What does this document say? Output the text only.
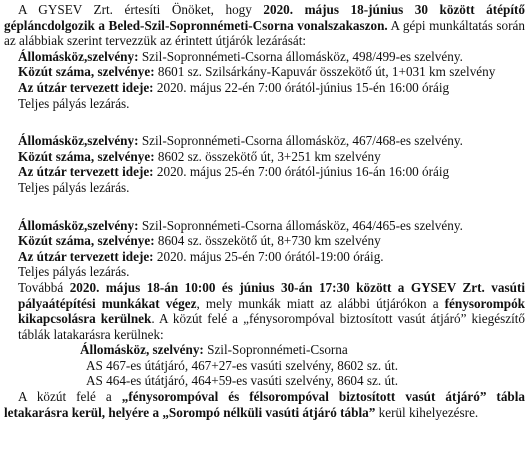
A GYSEV Zrt. értesíti Önöket, hogy 2020. május 18-június 30 között átépítő gépláncdolgozik a Beled-Szil-Sopronnémeti-Csorna vonalszakaszon. A gépi munkáltatás során az alábbiak szerint tervezzük az érintett útjárók lezárását:

Állomásköz,szelvény: Szil-Sopronnémeti-Csorna állomásköz, 498/499-es szelvény.

Közút száma, szelvénye: 8601 sz. Szilsárkány-Kapuvár összekötő út, 1+031 km szelvény

Az útzár tervezett ideje: 2020. május 22-én 7:00 órától-június 15-én 16:00 óráig

Teljes pályás lezárás.

Állomásköz,szelvény: Szil-Sopronnémeti-Csorna állomásköz, 467/468-es szelvény.

Közút száma, szelvénye: 8602 sz. összekötő út, 3+251 km szelvény

Az útzár tervezett ideje: 2020. május 25-én 7:00 órától-június 16-án 16:00 óráig

Teljes pályás lezárás.

Állomásköz,szelvény: Szil-Sopronnémeti-Csorna állomásköz, 464/465-es szelvény.

Közút száma, szelvénye: 8604 sz. összekötő út, 8+730 km szelvény

Az útzár tervezett ideje: 2020. május 25-én 7:00 órától-19:00 óráig.

Teljes pályás lezárás.

Továbbá 2020. május 18-án 10:00 és június 30-án 17:30 között a GYSEV Zrt. vasúti pályaátépítési munkákat végez, mely munkák miatt az alábbi útjárókon a fénysorompók kikapcsolásra kerülnek. A közút felé a „fénysorompóval biztosított vasút átjáró” kiegészítő táblák latakarásra kerülnek:

Állomásköz, szelvény: Szil-Sopronnémeti-Csorna

AS 467-es útátjáró, 467+27-es vasúti szelvény, 8602 sz. út.

AS 464-es útátjáró, 464+59-es vasúti szelvény, 8604 sz. út.

A közút felé a „fénysorompóval és félsorompóval biztosított vasút átjáró” tábla letakarásra kerül, helyére a „Sorompó nélküli vasúti átjáró tábla” kerül kihelyezésre.
